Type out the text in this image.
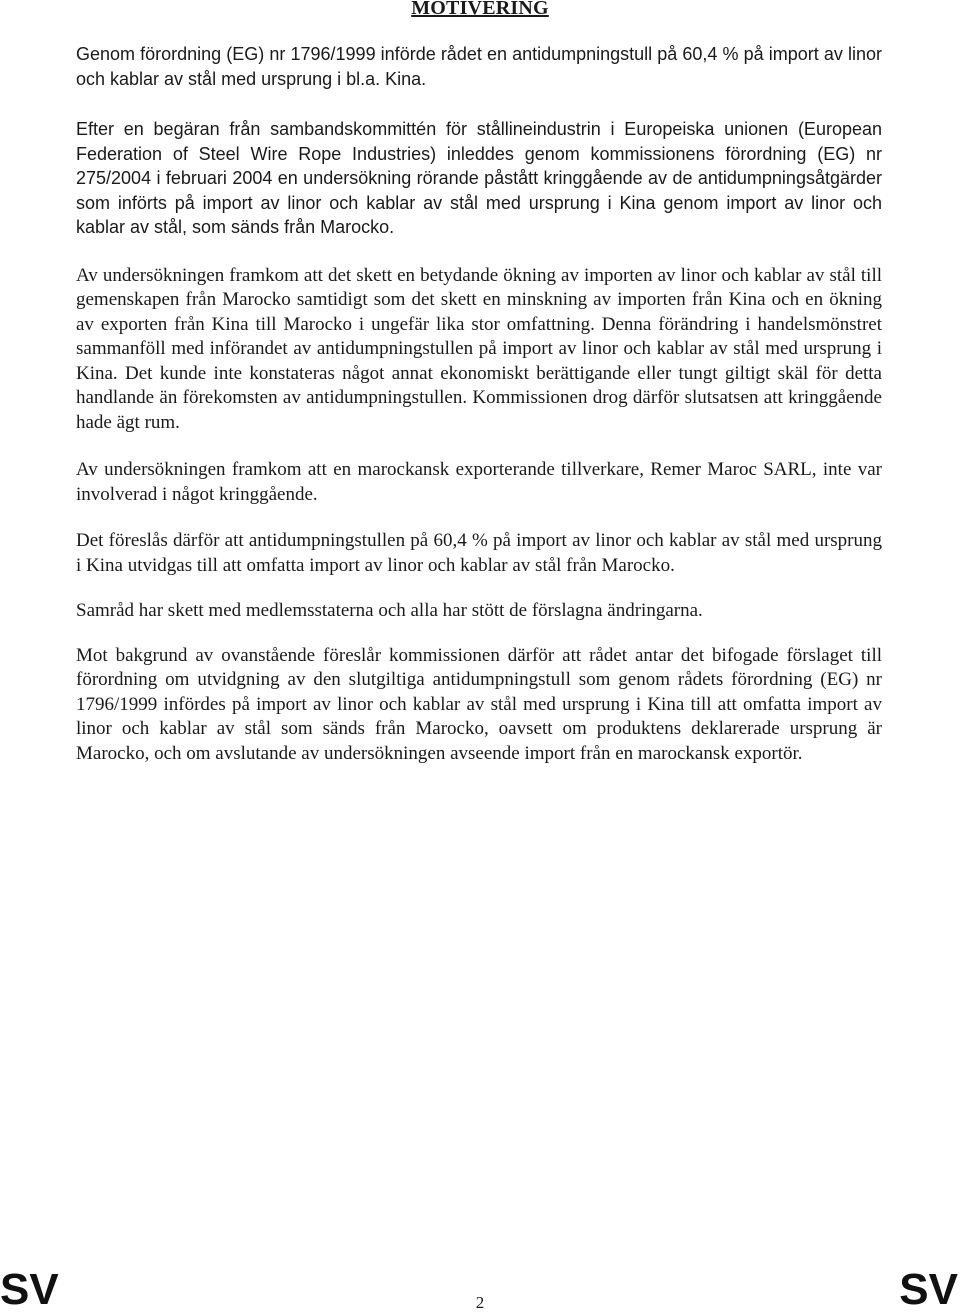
MOTIVERING

Genom förordning (EG) nr 1796/1999 införde rådet en antidumpningstull på 60,4 % på import av linor och kablar av stål med ursprung i bl.a. Kina.

Efter en begäran från sambandskommittén för stållineindustrin i Europeiska unionen (European Federation of Steel Wire Rope Industries) inleddes genom kommissionens förordning (EG) nr 275/2004 i februari 2004 en undersökning rörande påstått kringgående av de antidumpningsåtgärder som införts på import av linor och kablar av stål med ursprung i Kina genom import av linor och kablar av stål, som sänds från Marocko.

Av undersökningen framkom att det skett en betydande ökning av importen av linor och kablar av stål till gemenskapen från Marocko samtidigt som det skett en minskning av importen från Kina och en ökning av exporten från Kina till Marocko i ungefär lika stor omfattning. Denna förändring i handelsmönstret sammanföll med införandet av antidumpningstullen på import av linor och kablar av stål med ursprung i Kina. Det kunde inte konstateras något annat ekonomiskt berättigande eller tungt giltigt skäl för detta handlande än förekomsten av antidumpningstullen. Kommissionen drog därför slutsatsen att kringgående hade ägt rum.

Av undersökningen framkom att en marockansk exporterande tillverkare, Remer Maroc SARL, inte var involverad i något kringgående.

Det föreslås därför att antidumpningstullen på 60,4 % på import av linor och kablar av stål med ursprung i Kina utvidgas till att omfatta import av linor och kablar av stål från Marocko.

Samråd har skett med medlemsstaterna och alla har stött de förslagna ändringarna.

Mot bakgrund av ovanstående föreslår kommissionen därför att rådet antar det bifogade förslaget till förordning om utvidgning av den slutgiltiga antidumpningstull som genom rådets förordning (EG) nr 1796/1999 infördes på import av linor och kablar av stål med ursprung i Kina till att omfatta import av linor och kablar av stål som sänds från Marocko, oavsett om produktens deklarerade ursprung är Marocko, och om avslutande av undersökningen avseende import från en marockansk exportör.

SV	2	SV
